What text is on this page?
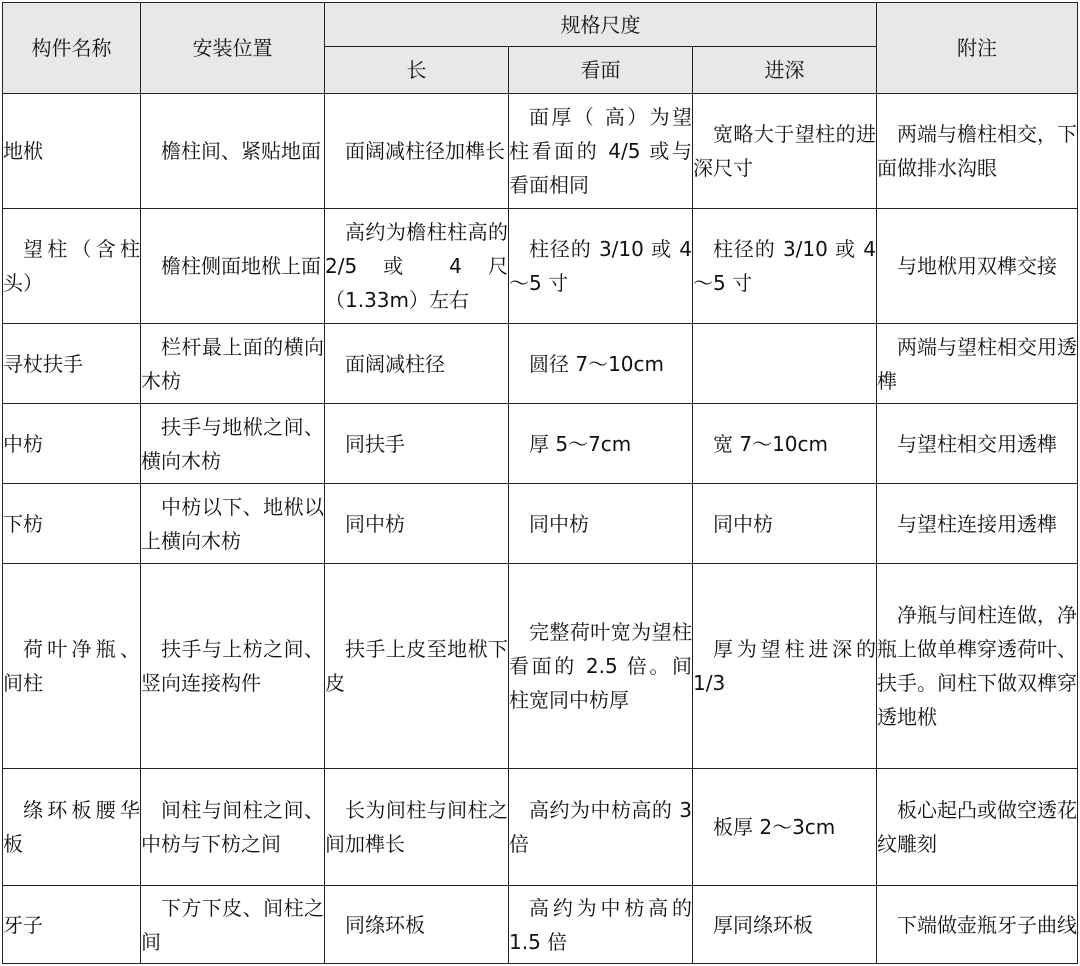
构件名称	安装位置	规格尺度			附注
		长	看面	进深	
地栿	檐柱间、紧贴地面	面阔减柱径加榫长	面厚（ 高）为望柱看面的 4/5 或与看面相同	宽略大于望柱的进深尺寸	两端与檐柱相交，下面做排水沟眼
望柱（含柱头）	檐柱侧面地栿上面	高约为檐柱柱高的 2/5 或 4 尺（1.33m）左右	柱径的 3/10 或 4～5 寸	柱径的 3/10 或 4～5 寸	与地栿用双榫交接
寻杖扶手	栏杆最上面的横向木枋	面阔减柱径	圆径 7～10cm		两端与望柱相交用透榫
中枋	扶手与地栿之间、横向木枋	同扶手	厚 5～7cm	宽 7～10cm	与望柱相交用透榫
下枋	中枋以下、地栿以上横向木枋	同中枋	同中枋	同中枋	与望柱连接用透榫
荷叶净瓶、间柱	扶手与上枋之间、竖向连接构件	扶手上皮至地栿下皮	完整荷叶宽为望柱看面的 2.5 倍。间柱宽同中枋厚	厚为望柱进深的 1/3	净瓶与间柱连做，净瓶上做单榫穿透荷叶、扶手。间柱下做双榫穿透地栿
绦环板腰华板	间柱与间柱之间、中枋与下枋之间	长为间柱与间柱之间加榫长	高约为中枋高的 3 倍	板厚 2～3cm	板心起凸或做空透花纹雕刻
牙子	下方下皮、间柱之间	同绦环板	高约为中枋高的 1.5 倍	厚同绦环板	下端做壶瓶牙子曲线
